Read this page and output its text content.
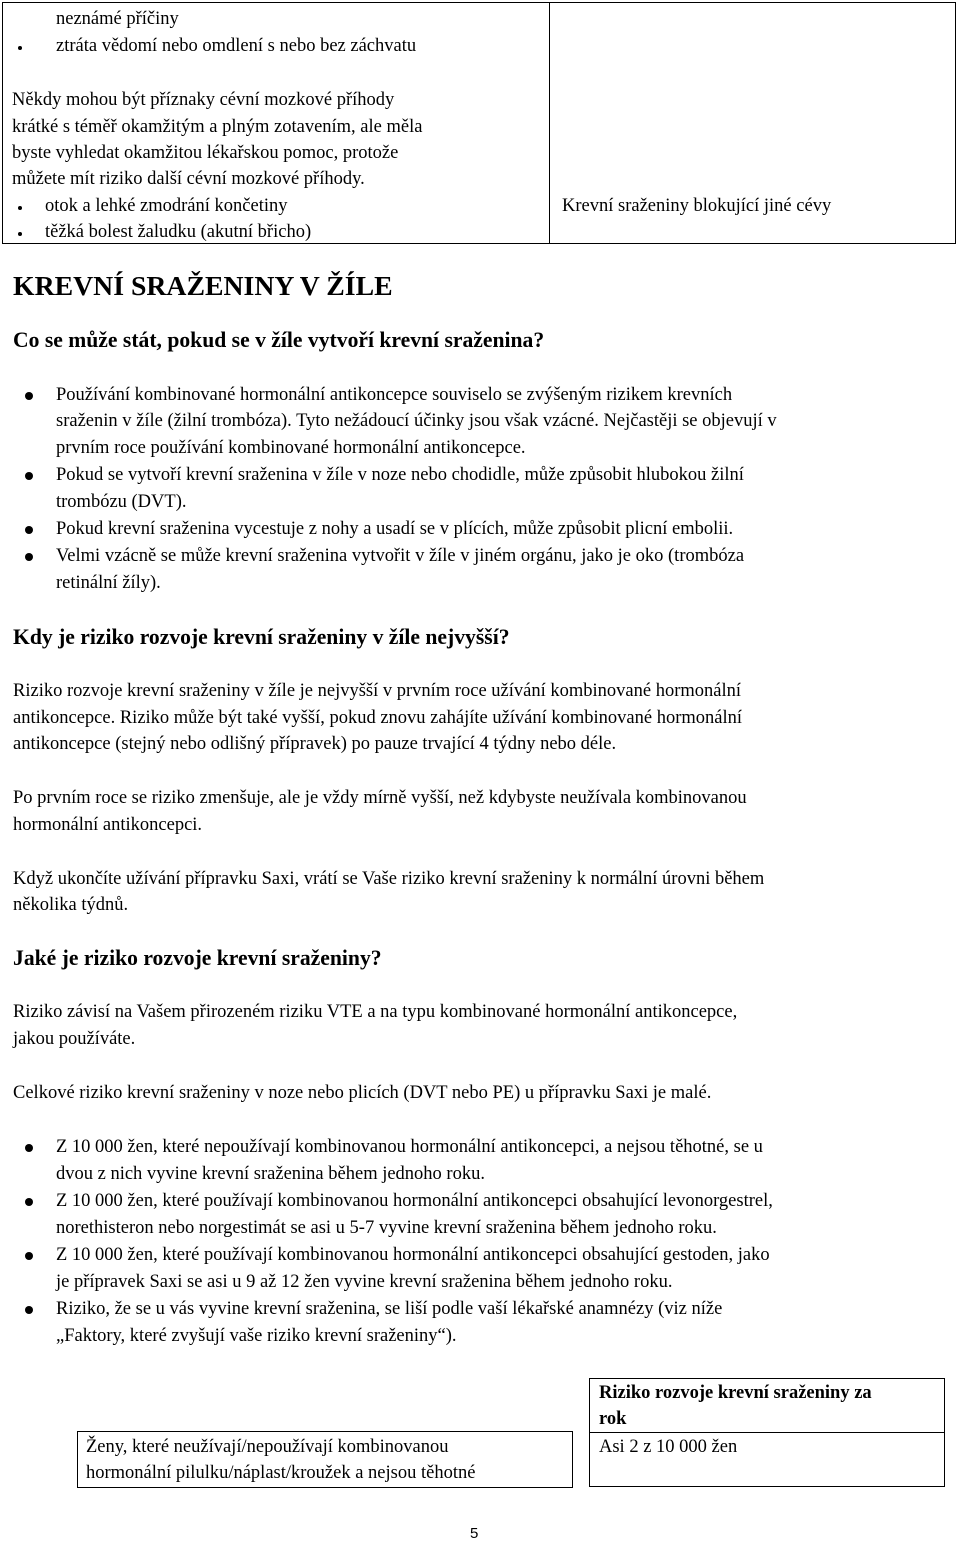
neznámé příčiny
ztráta vědomí nebo omdlení s nebo bez záchvatu
Někdy mohou být příznaky cévní mozkové příhody
krátké s téměř okamžitým a plným zotavením, ale měla
byste vyhledat okamžitou lékařskou pomoc, protože
můžete mít riziko další cévní mozkové příhody.
otok a lehké zmodrání končetiny
těžká bolest žaludku (akutní břicho)
Krevní sraženiny blokující jiné cévy
KREVNÍ SRAŽENINY V ŽÍLE
Co se může stát, pokud se v žíle vytvoří krevní sraženina?
Používání kombinované hormonální antikoncepce souviselo se zvýšeným rizikem krevních
sraženin v žíle (žilní trombóza). Tyto nežádoucí účinky jsou však vzácné. Nejčastěji se objevují v
prvním roce používání kombinované hormonální antikoncepce.
Pokud se vytvoří krevní sraženina v žíle v noze nebo chodidle, může způsobit hlubokou žilní
trombózu (DVT).
Pokud krevní sraženina vycestuje z nohy a usadí se v plících, může způsobit plicní embolii.
Velmi vzácně se může krevní sraženina vytvořit v žíle v jiném orgánu, jako je oko (trombóza
retinální žíly).
Kdy je riziko rozvoje krevní sraženiny v žíle nejvyšší?
Riziko rozvoje krevní sraženiny v žíle je nejvyšší v prvním roce užívání kombinované hormonální
antikoncepce. Riziko může být také vyšší, pokud znovu zahájíte užívání kombinované hormonální
antikoncepce (stejný nebo odlišný přípravek) po pauze trvající 4 týdny nebo déle.
Po prvním roce se riziko zmenšuje, ale je vždy mírně vyšší, než kdybyste neužívala kombinovanou
hormonální antikoncepci.
Když ukončíte užívání přípravku Saxi, vrátí se Vaše riziko krevní sraženiny k normální úrovni během
několika týdnů.
Jaké je riziko rozvoje krevní sraženiny?
Riziko závisí na Vašem přirozeném riziku VTE a na typu kombinované hormonální antikoncepce,
jakou používáte.
Celkové riziko krevní sraženiny v noze nebo plicích (DVT nebo PE) u přípravku Saxi je malé.
Z 10 000 žen, které nepoužívají kombinovanou hormonální antikoncepci, a nejsou těhotné, se u
dvou z nich vyvine krevní sraženina během jednoho roku.
Z 10 000 žen, které používají kombinovanou hormonální antikoncepci obsahující levonorgestrel,
norethisteron nebo norgestimát se asi u 5-7 vyvine krevní sraženina během jednoho roku.
Z 10 000 žen, které používají kombinovanou hormonální antikoncepci obsahující gestoden, jako
je přípravek Saxi se asi u 9 až 12 žen vyvine krevní sraženina během jednoho roku.
Riziko, že se u vás vyvine krevní sraženina, se liší podle vaší lékařské anamnézy (viz níže
„Faktory, které zvyšují vaše riziko krevní sraženiny“).
Ženy, které neužívají/nepoužívají kombinovanou
hormonální pilulku/náplast/kroužek a nejsou těhotné
Riziko rozvoje krevní sraženiny za
rok
Asi 2 z 10 000 žen
5
